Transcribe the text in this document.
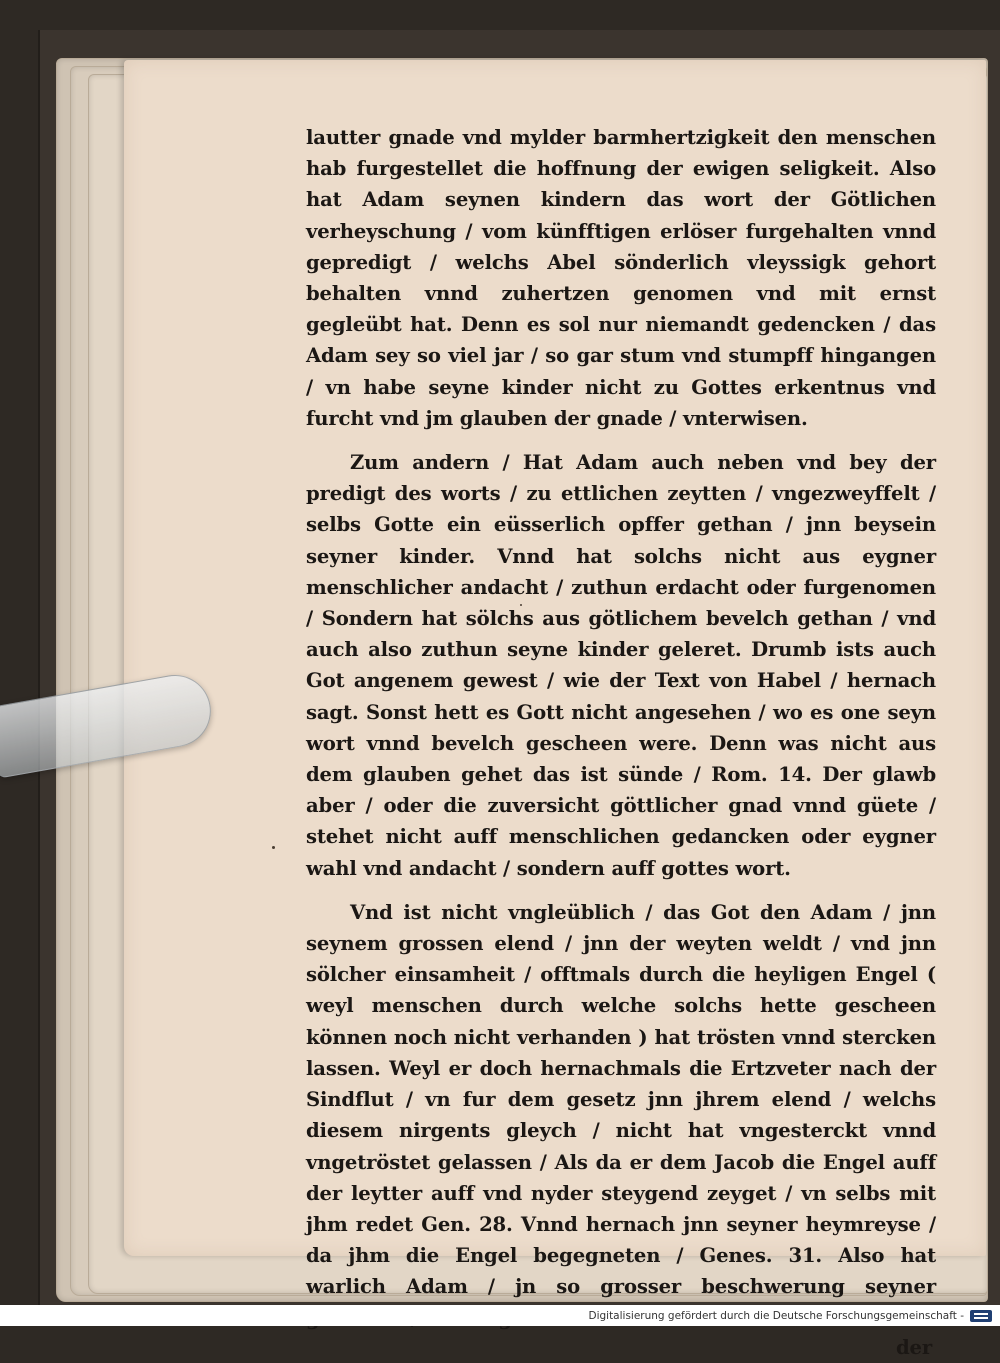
lautter gnade vnd mylder barmhertzigkeit den menschen hab furgestellet die hoffnung der ewigen seligkeit. Also hat Adam seynen kindern das wort der Götlichen verheyschung / vom künfftigen erlöser furgehalten vnnd gepredigt / welchs Abel sönderlich vleyssigk gehort behalten vnnd zuhertzen genomen vnd mit ernst gegleübt hat. Denn es sol nur niemandt gedencken / das Adam sey so viel jar / so gar stum vnd stumpff hingangen / vn habe seyne kinder nicht zu Gottes erkentnus vnd furcht vnd jm glauben der gnade / vnterwisen.

Zum andern / Hat Adam auch neben vnd bey der predigt des worts / zu ettlichen zeytten / vngezweyffelt / selbs Gotte ein eüsserlich opffer gethan / jnn beysein seyner kinder. Vnnd hat solchs nicht aus eygner menschlicher andacht / zuthun erdacht oder furgenomen / Sondern hat sölchs aus götlichem bevelch gethan / vnd auch also zuthun seyne kinder geleret. Drumb ists auch Got angenem gewest / wie der Text von Habel / hernach sagt. Sonst hett es Gott nicht angesehen / wo es one seyn wort vnnd bevelch gescheen were. Denn was nicht aus dem glauben gehet das ist sünde / Rom. 14. Der glawb aber / oder die zuversicht göttlicher gnad vnnd güete / stehet nicht auff menschlichen gedancken oder eygner wahl vnd andacht / sondern auff gottes wort.

Vnd ist nicht vngleüblich / das Got den Adam / jnn seynem grossen elend / jnn der weyten weldt / vnd jnn sölcher einsamheit / offtmals durch die heyligen Engel ( weyl menschen durch welche solchs hette gescheen können noch nicht verhanden ) hat trösten vnnd stercken lassen. Weyl er doch hernachmals die Ertzveter nach der Sindflut / vn fur dem gesetz jnn jhrem elend / welchs diesem nirgents gleych / nicht hat vngesterckt vnnd vngetröstet gelassen / Als da er dem Jacob die Engel auff der leytter auff vnd nyder steygend zeyget / vn selbs mit jhm redet Gen. 28. Vnnd hernach jnn seyner heymreyse / da jhm die Engel begegneten / Genes. 31. Also hat warlich Adam / jn so grosser beschwerung seyner

der
Digitalisierung gefördert durch die Deutsche Forschungsgemeinschaft -
